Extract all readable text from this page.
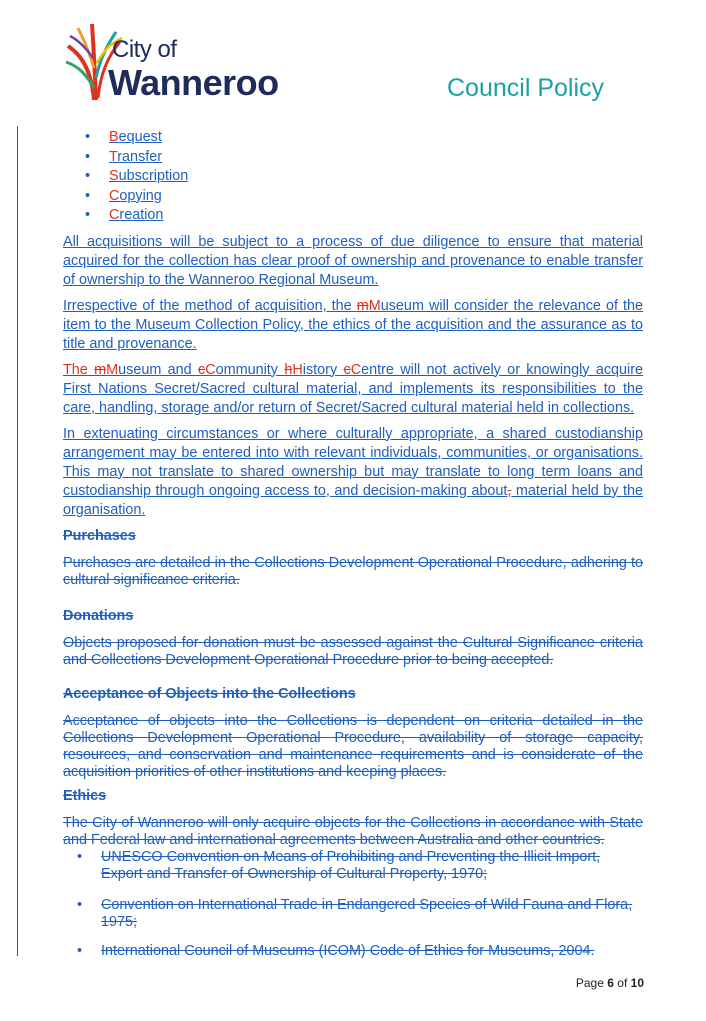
City of
Wanneroo	Council Policy
• Bequest
• Transfer
• Subscription
• Copying
• Creation

All acquisitions will be subject to a process of due diligence to ensure that material acquired for the collection has clear proof of ownership and provenance to enable transfer of ownership to the Wanneroo Regional Museum.

Irrespective of the method of acquisition, the mMuseum will consider the relevance of the item to the Museum Collection Policy, the ethics of the acquisition and the assurance as to title and provenance.

The mMuseum and cCommunity hHistory cCentre will not actively or knowingly acquire First Nations Secret/Sacred cultural material, and implements its responsibilities to the care, handling, storage and/or return of Secret/Sacred cultural material held in collections.

In extenuating circumstances or where culturally appropriate, a shared custodianship arrangement may be entered into with relevant individuals, communities, or organisations. This may not translate to shared ownership but may translate to long term loans and custodianship through ongoing access to, and decision-making about, material held by the organisation.

Purchases

Purchases are detailed in the Collections Development Operational Procedure, adhering to cultural significance criteria.

Donations

Objects proposed for donation must be assessed against the Cultural Significance criteria and Collections Development Operational Procedure prior to being accepted.

Acceptance of Objects into the Collections

Acceptance of objects into the Collections is dependent on criteria detailed in the Collections Development Operational Procedure, availability of storage capacity, resources, and conservation and maintenance requirements and is considerate of the acquisition priorities of other institutions and keeping places.

Ethics

The City of Wanneroo will only acquire objects for the Collections in accordance with State and Federal law and international agreements between Australia and other countries.

• UNESCO Convention on Means of Prohibiting and Preventing the Illicit Import, Export and Transfer of Ownership of Cultural Property, 1970;
• Convention on International Trade in Endangered Species of Wild Fauna and Flora, 1975;
• International Council of Museums (ICOM) Code of Ethics for Museums, 2004.
Page 6 of 10
